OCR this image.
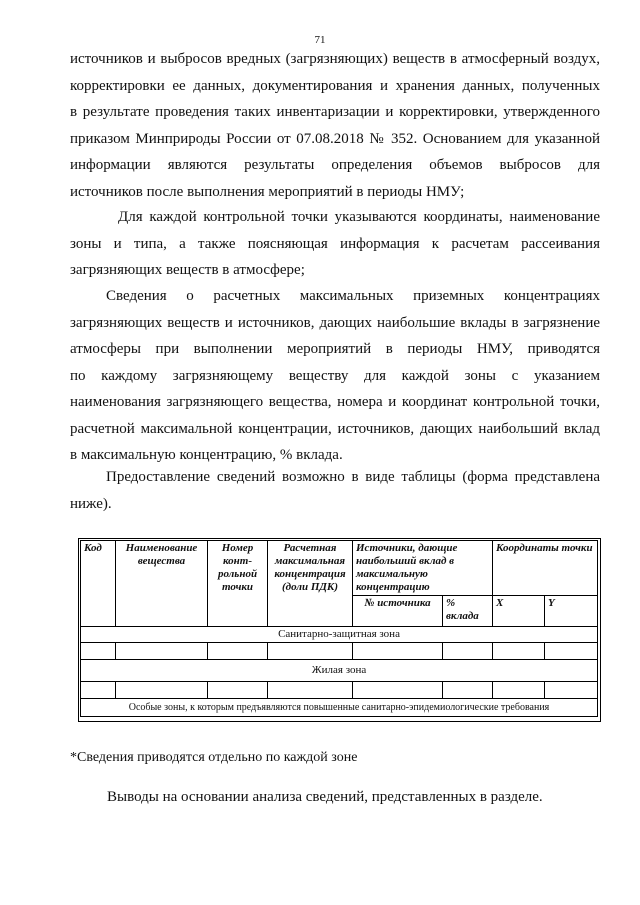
71
источников и выбросов вредных (загрязняющих) веществ в атмосферный воздух,
корректировки ее данных, документирования и хранения данных, полученных
в результате проведения таких инвентаризации и корректировки, утвержденного
приказом Минприроды России от 07.08.2018 № 352. Основанием для указанной
информации являются результаты определения объемов выбросов для
источников после выполнения мероприятий в периоды НМУ;
Для каждой контрольной точки указываются координаты, наименование
зоны и типа, а также поясняющая информация к расчетам рассеивания
загрязняющих веществ в атмосфере;
Сведения о расчетных максимальных приземных концентрациях
загрязняющих веществ и источников, дающих наибольшие вклады в загрязнение
атмосферы при выполнении мероприятий в периоды НМУ, приводятся
по каждому загрязняющему веществу для каждой зоны с указанием
наименования загрязняющего вещества, номера и координат контрольной точки,
расчетной максимальной концентрации, источников, дающих наибольший вклад
в максимальную концентрацию, % вклада.
Предоставление сведений возможно в виде таблицы (форма представлена
ниже).
Код	Наименование вещества	Номер конт-рольной точки	Расчетная максимальная концентрация (доли ПДК)	Источники, дающие наибольший вклад в максимальную концентрацию		Координаты точки	
				№ источника	% вклада	X	Y
Санитарно-защитная зона							

Жилая зона							

Особые зоны, к которым предъявляются повышенные санитарно-эпидемиологические требования							
*Сведения приводятся отдельно по каждой зоне
Выводы на основании анализа сведений, представленных в разделе.
